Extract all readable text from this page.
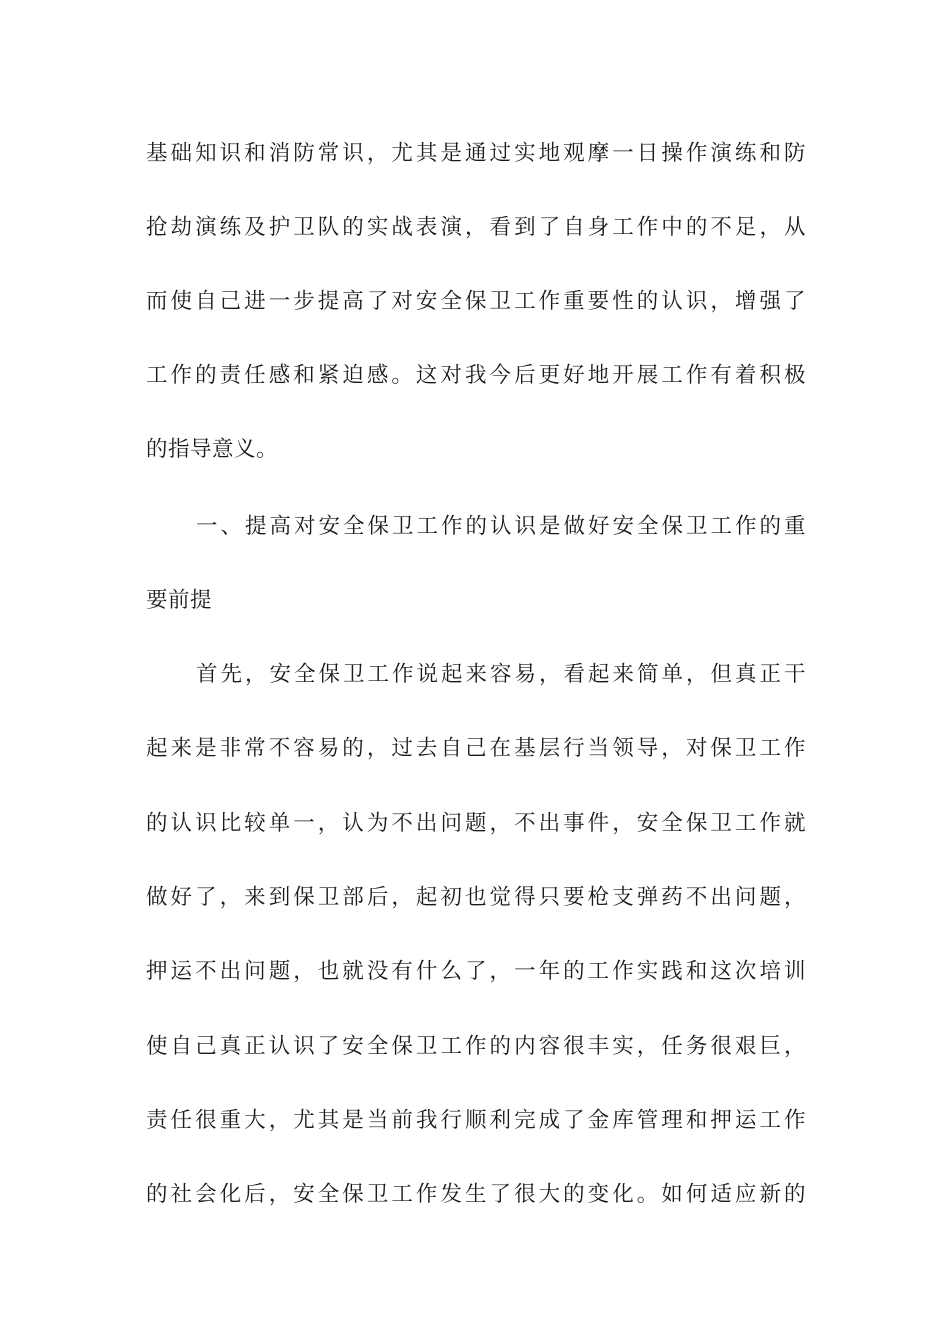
基础知识和消防常识，尤其是通过实地观摩一日操作演练和防
抢劫演练及护卫队的实战表演，看到了自身工作中的不足，从
而使自己进一步提高了对安全保卫工作重要性的认识，增强了
工作的责任感和紧迫感。这对我今后更好地开展工作有着积极
的指导意义。
一、提高对安全保卫工作的认识是做好安全保卫工作的重
要前提
首先，安全保卫工作说起来容易，看起来简单，但真正干
起来是非常不容易的，过去自己在基层行当领导，对保卫工作
的认识比较单一，认为不出问题，不出事件，安全保卫工作就
做好了，来到保卫部后，起初也觉得只要枪支弹药不出问题，
押运不出问题，也就没有什么了，一年的工作实践和这次培训
使自己真正认识了安全保卫工作的内容很丰实，任务很艰巨，
责任很重大，尤其是当前我行顺利完成了金库管理和押运工作
的社会化后，安全保卫工作发生了很大的变化。如何适应新的
